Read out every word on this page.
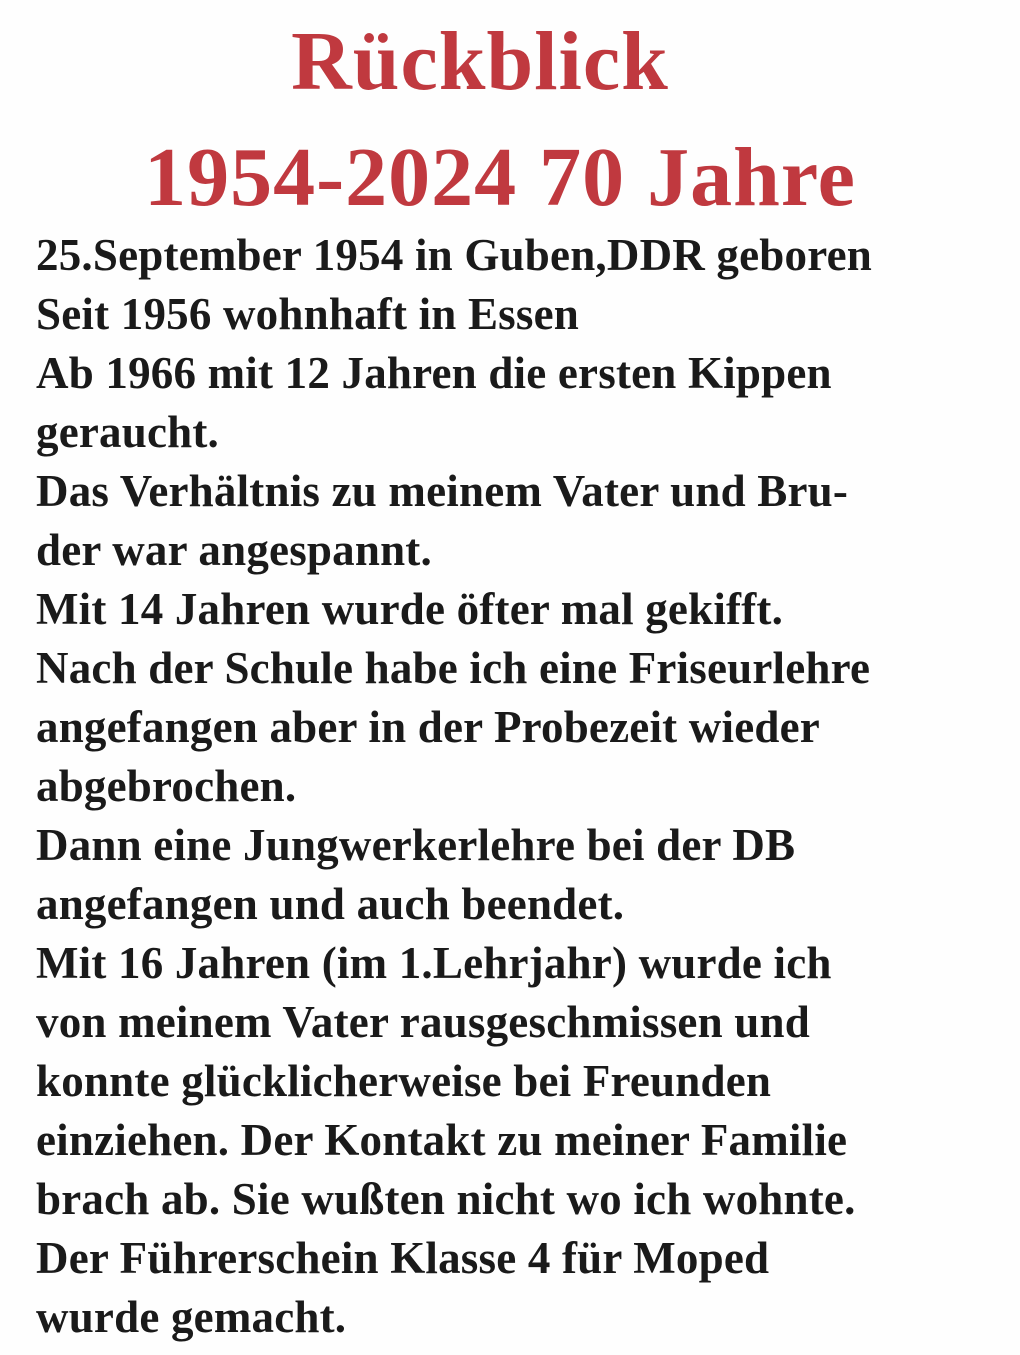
Rückblick
1954-2024 70 Jahre
25.September 1954 in Guben,DDR geboren
Seit 1956 wohnhaft in Essen
Ab 1966 mit 12 Jahren die ersten Kippen
geraucht.
Das Verhältnis zu meinem Vater und Bru-
der war angespannt.
Mit 14 Jahren wurde öfter mal gekifft.
Nach der Schule habe ich eine Friseurlehre
angefangen aber in der Probezeit wieder
abgebrochen.
Dann eine Jungwerkerlehre bei der DB
angefangen und auch beendet.
Mit 16 Jahren (im 1.Lehrjahr) wurde ich
von meinem Vater rausgeschmissen und
konnte glücklicherweise bei Freunden
einziehen. Der Kontakt zu meiner Familie
brach ab. Sie wußten nicht wo ich wohnte.
Der Führerschein Klasse 4 für Moped
wurde gemacht.
